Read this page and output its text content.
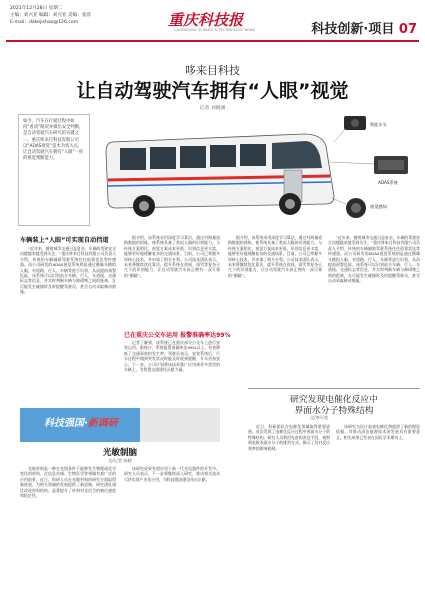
2021年12月28日 星期二
主编：刘兴亚 编辑：刘兴亚 美编：张淳
E-mail：dakejishao@126.com	重庆科技报
CHONGQING SCIENCE & TECHNOLOGY NEWS	科技创新·项目 07
哆来目科技
让自动驾驶汽车拥有“人眼”视觉
记者 刘晓涵
如今，汽车在行驶过程中如何“看清”路况并做出安全判断，是自动驾驶汽车研究的关键之一。重庆哆来目科技有限公司以“ADAS视觉”技术为切入点，让自动驾驶汽车拥有“人眼”一样的视觉判断能力。
智能车头
ADAS系统
视觉感知
车辆装上“人眼”可实现自动挡道

“近年来，随着城市交通日益复杂，车辆的驾驶安全问题越来越受到关注。”重庆哆来目科技有限公司负责人介绍，传统的车辆辅助驾驶系统往往依靠雷达等传感器，而公司研发的ADAS视觉系统则是通过摄像头模拟人眼，对道路、行人、车辆等进行识别，从而提前预警危险。该系统可以识别前方车辆、行人、车道线、交通标志等信息，并实时判断车辆与障碍物之间的距离，在可能发生碰撞时及时提醒驾驶员，甚至自动采取制动措施。

据介绍，该系统采用深度学习算法，通过对海量道路数据的训练，使系统具备了类似人眼的识别能力。与传统方案相比，视觉方案成本更低、识别信息更丰富，能够更好地理解复杂的交通场景。目前，公司已掌握多项核心技术，并申请了相关专利。公司技术团队表示，未来将继续优化算法，提升系统在夜间、雨雪等复杂天气下的识别能力，让自动驾驶汽车真正拥有一双可靠的“眼睛”。

已在重庆公交车运用 报警准确率达99%

记者了解到，该系统已在重庆部分公交车上进行安装运用。据统计，系统报警准确率达99%以上，有效降低了交通事故的发生率。驾驶员表示，安装系统后，行车过程中遇到突发状况时能及时收到提醒，开车更加安心。下一步，公司计划将该技术推广应用到更多类型的车辆上，为智慧交通建设贡献力量。

据介绍，该系统采用深度学习算法，通过对海量道路数据的训练，使系统具备了类似人眼的识别能力。与传统方案相比，视觉方案成本更低、识别信息更丰富，能够更好地理解复杂的交通场景。目前，公司已掌握多项核心技术，并申请了相关专利。公司技术团队表示，未来将继续优化算法，提升系统在夜间、雨雪等复杂天气下的识别能力，让自动驾驶汽车真正拥有一双可靠的“眼睛”。

“近年来，随着城市交通日益复杂，车辆的驾驶安全问题越来越受到关注。”重庆哆来目科技有限公司负责人介绍，传统的车辆辅助驾驶系统往往依靠雷达等传感器，而公司研发的ADAS视觉系统则是通过摄像头模拟人眼，对道路、行人、车辆等进行识别，从而提前预警危险。该系统可以识别前方车辆、行人、车道线、交通标志等信息，并实时判断车辆与障碍物之间的距离，在可能发生碰撞时及时提醒驾驶员，甚至自动采取制动措施。

科技强国·新调研
光敏制脑
文/记者 陈晓

光敏材料是一种在光照条件下能够发生物理或化学变化的材料，在信息存储、生物医学等领域有着广泛的应用前景。近日，科研人员在光敏材料的研究方面取得新进展，为相关领域的发展提供了新思路。研究团队通过改进材料结构，显著提升了材料对光信号的响应速度和稳定性。

该研究成果有望应用于新一代光电器件的开发中。研究人员表示，下一步将继续深入研究，推动相关技术尽快实现产业化应用，为科技强国建设作出贡献。

研究发现电催化反应中
界面水分子特殊结构
文/李可欣

近日，科研团队在电催化领域取得重要进展，首次发现了电催化反应过程中界面水分子的特殊结构。研究人员利用先进的表征手段，观察到电极表面水分子的排列方式，揭示了其对反应效率的影响机制。

该研究为设计高效电催化剂提供了新的理论依据，对推动清洁能源技术的发展具有重要意义。相关成果已发表在国际学术期刊上。
